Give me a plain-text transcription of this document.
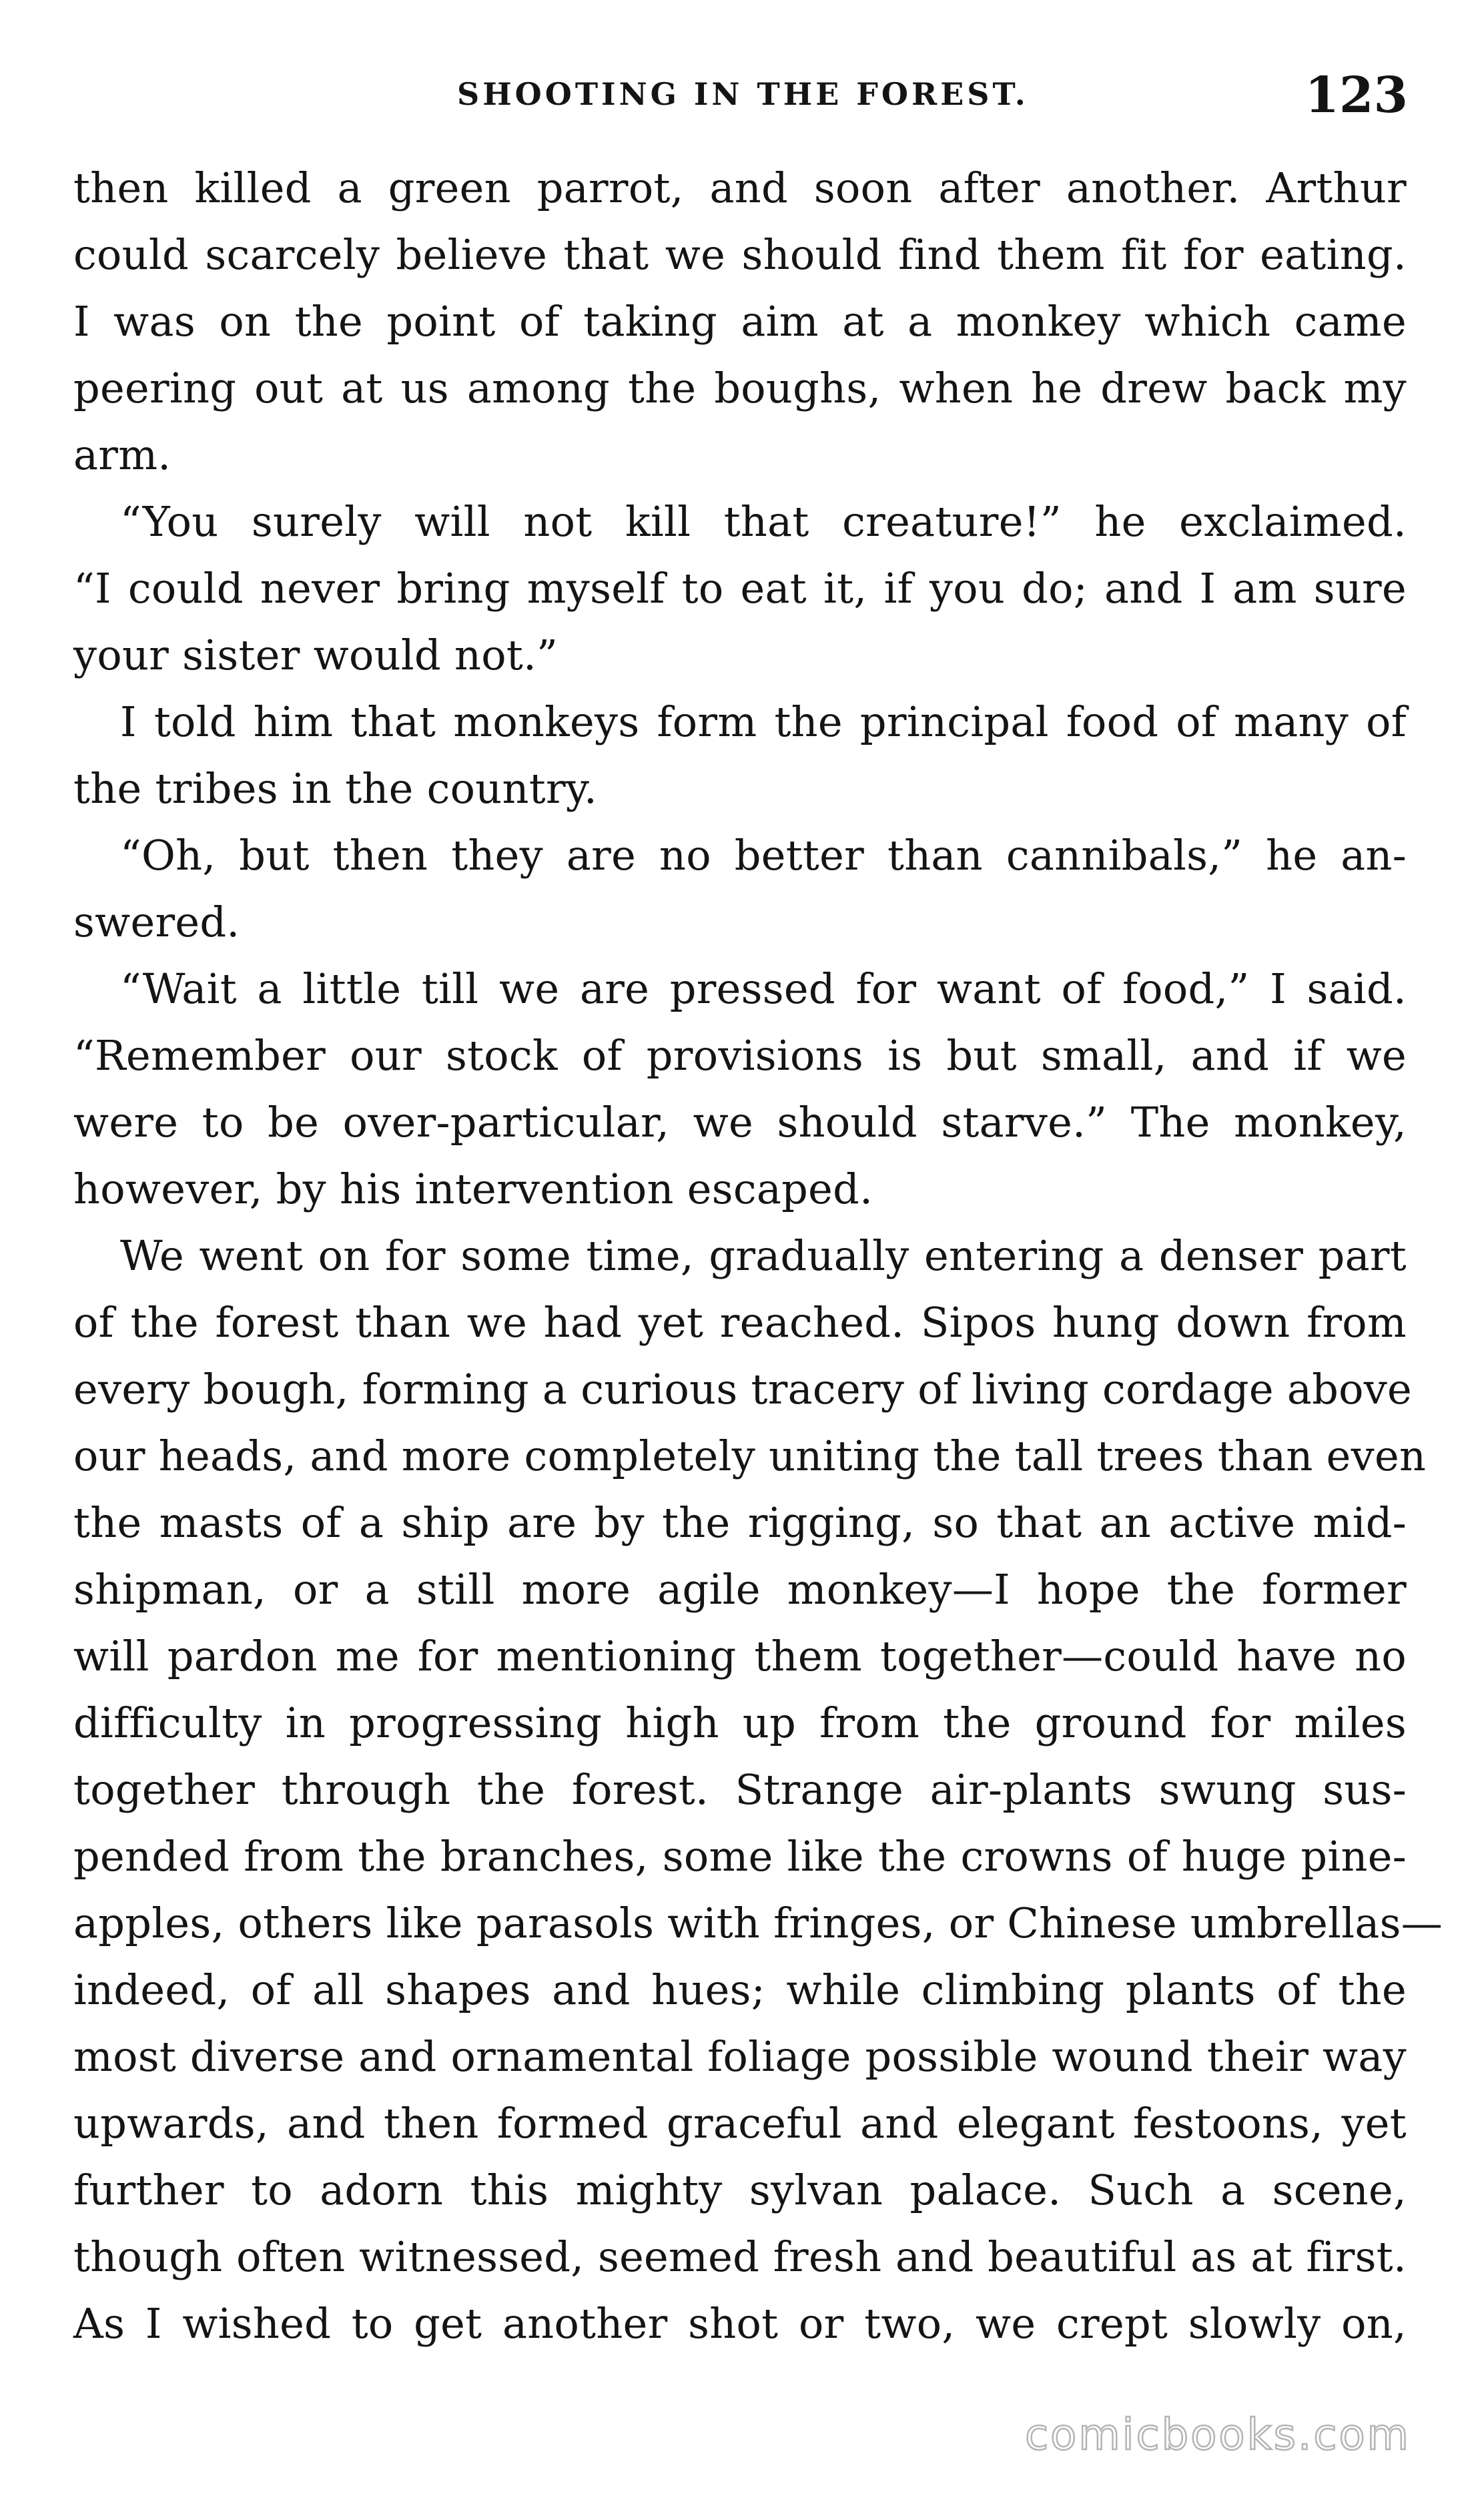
SHOOTING IN THE FOREST.	123
then killed a green parrot, and soon after another. Arthur
could scarcely believe that we should find them fit for eating.
I was on the point of taking aim at a monkey which came
peering out at us among the boughs, when he drew back my
arm.
“You surely will not kill that creature!” he exclaimed.
“I could never bring myself to eat it, if you do; and I am sure
your sister would not.”
I told him that monkeys form the principal food of many of
the tribes in the country.
“Oh, but then they are no better than cannibals,” he an-
swered.
“Wait a little till we are pressed for want of food,” I said.
“Remember our stock of provisions is but small, and if we
were to be over-particular, we should starve.” The monkey,
however, by his intervention escaped.
We went on for some time, gradually entering a denser part
of the forest than we had yet reached. Sipos hung down from
every bough, forming a curious tracery of living cordage above
our heads, and more completely uniting the tall trees than even
the masts of a ship are by the rigging, so that an active mid-
shipman, or a still more agile monkey—I hope the former
will pardon me for mentioning them together—could have no
difficulty in progressing high up from the ground for miles
together through the forest. Strange air-plants swung sus-
pended from the branches, some like the crowns of huge pine-
apples, others like parasols with fringes, or Chinese umbrellas—
indeed, of all shapes and hues; while climbing plants of the
most diverse and ornamental foliage possible wound their way
upwards, and then formed graceful and elegant festoons, yet
further to adorn this mighty sylvan palace. Such a scene,
though often witnessed, seemed fresh and beautiful as at first.
As I wished to get another shot or two, we crept slowly on,
comicbooks.com
